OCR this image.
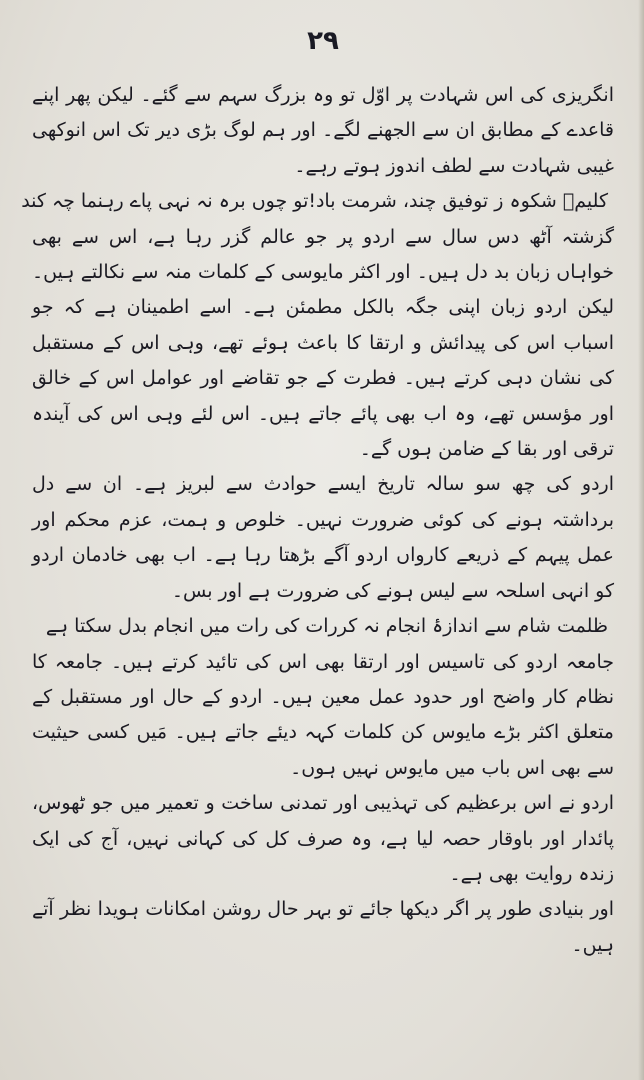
۲۹

انگریزی کی اس شہادت پر اوّل تو وہ بزرگ سہم سے گئے۔ لیکن پھر اپنے قاعدے کے مطابق ان سے الجھنے لگے۔ اور ہم لوگ بڑی دیر تک اس انوکھی غیبی شہادت سے لطف اندوز ہوتے رہے۔

کلیمؔ شکوہ ز توفیق چند، شرمت باد!
تو چوں برہ نہ نہی پاے رہنما چہ کند

گزشتہ آٹھ دس سال سے اردو پر جو عالم گزر رہا ہے، اس سے بھی خواہاں زبان بد دل ہیں۔ اور اکثر مایوسی کے کلمات منہ سے نکالتے ہیں۔ لیکن اردو زبان اپنی جگہ بالکل مطمئن ہے۔ اسے اطمینان ہے کہ جو اسباب اس کی پیدائش و ارتقا کا باعث ہوئے تھے، وہی اس کے مستقبل کی نشان دہی کرتے ہیں۔ فطرت کے جو تقاضے اور عوامل اس کے خالق اور مؤسس تھے، وہ اب بھی پائے جاتے ہیں۔ اس لئے وہی اس کی آیندہ ترقی اور بقا کے ضامن ہوں گے۔

اردو کی چھ سو سالہ تاریخ ایسے حوادث سے لبریز ہے۔ ان سے دل برداشتہ ہونے کی کوئی ضرورت نہیں۔ خلوص و ہمت، عزم محکم اور عمل پیہم کے ذریعے کارواں اردو آگے بڑھتا رہا ہے۔ اب بھی خادمان اردو کو انہی اسلحہ سے لیس ہونے کی ضرورت ہے اور بس۔

ظلمت شام سے اندازۂ انجام نہ کر
رات کی رات میں انجام بدل سکتا ہے

جامعہ اردو کی تاسیس اور ارتقا بھی اس کی تائید کرتے ہیں۔ جامعہ کا نظام کار واضح اور حدود عمل معین ہیں۔ اردو کے حال اور مستقبل کے متعلق اکثر بڑے مایوس کن کلمات کہہ دیئے جاتے ہیں۔ مَیں کسی حیثیت سے بھی اس باب میں مایوس نہیں ہوں۔

اردو نے اس برعظیم کی تہذیبی اور تمدنی ساخت و تعمیر میں جو ٹھوس، پائدار اور باوقار حصہ لیا ہے، وہ صرف کل کی کہانی نہیں، آج کی ایک زندہ روایت بھی ہے۔

اور بنیادی طور پر اگر دیکھا جائے تو بہر حال روشن امکانات ہویدا نظر آتے ہیں۔
